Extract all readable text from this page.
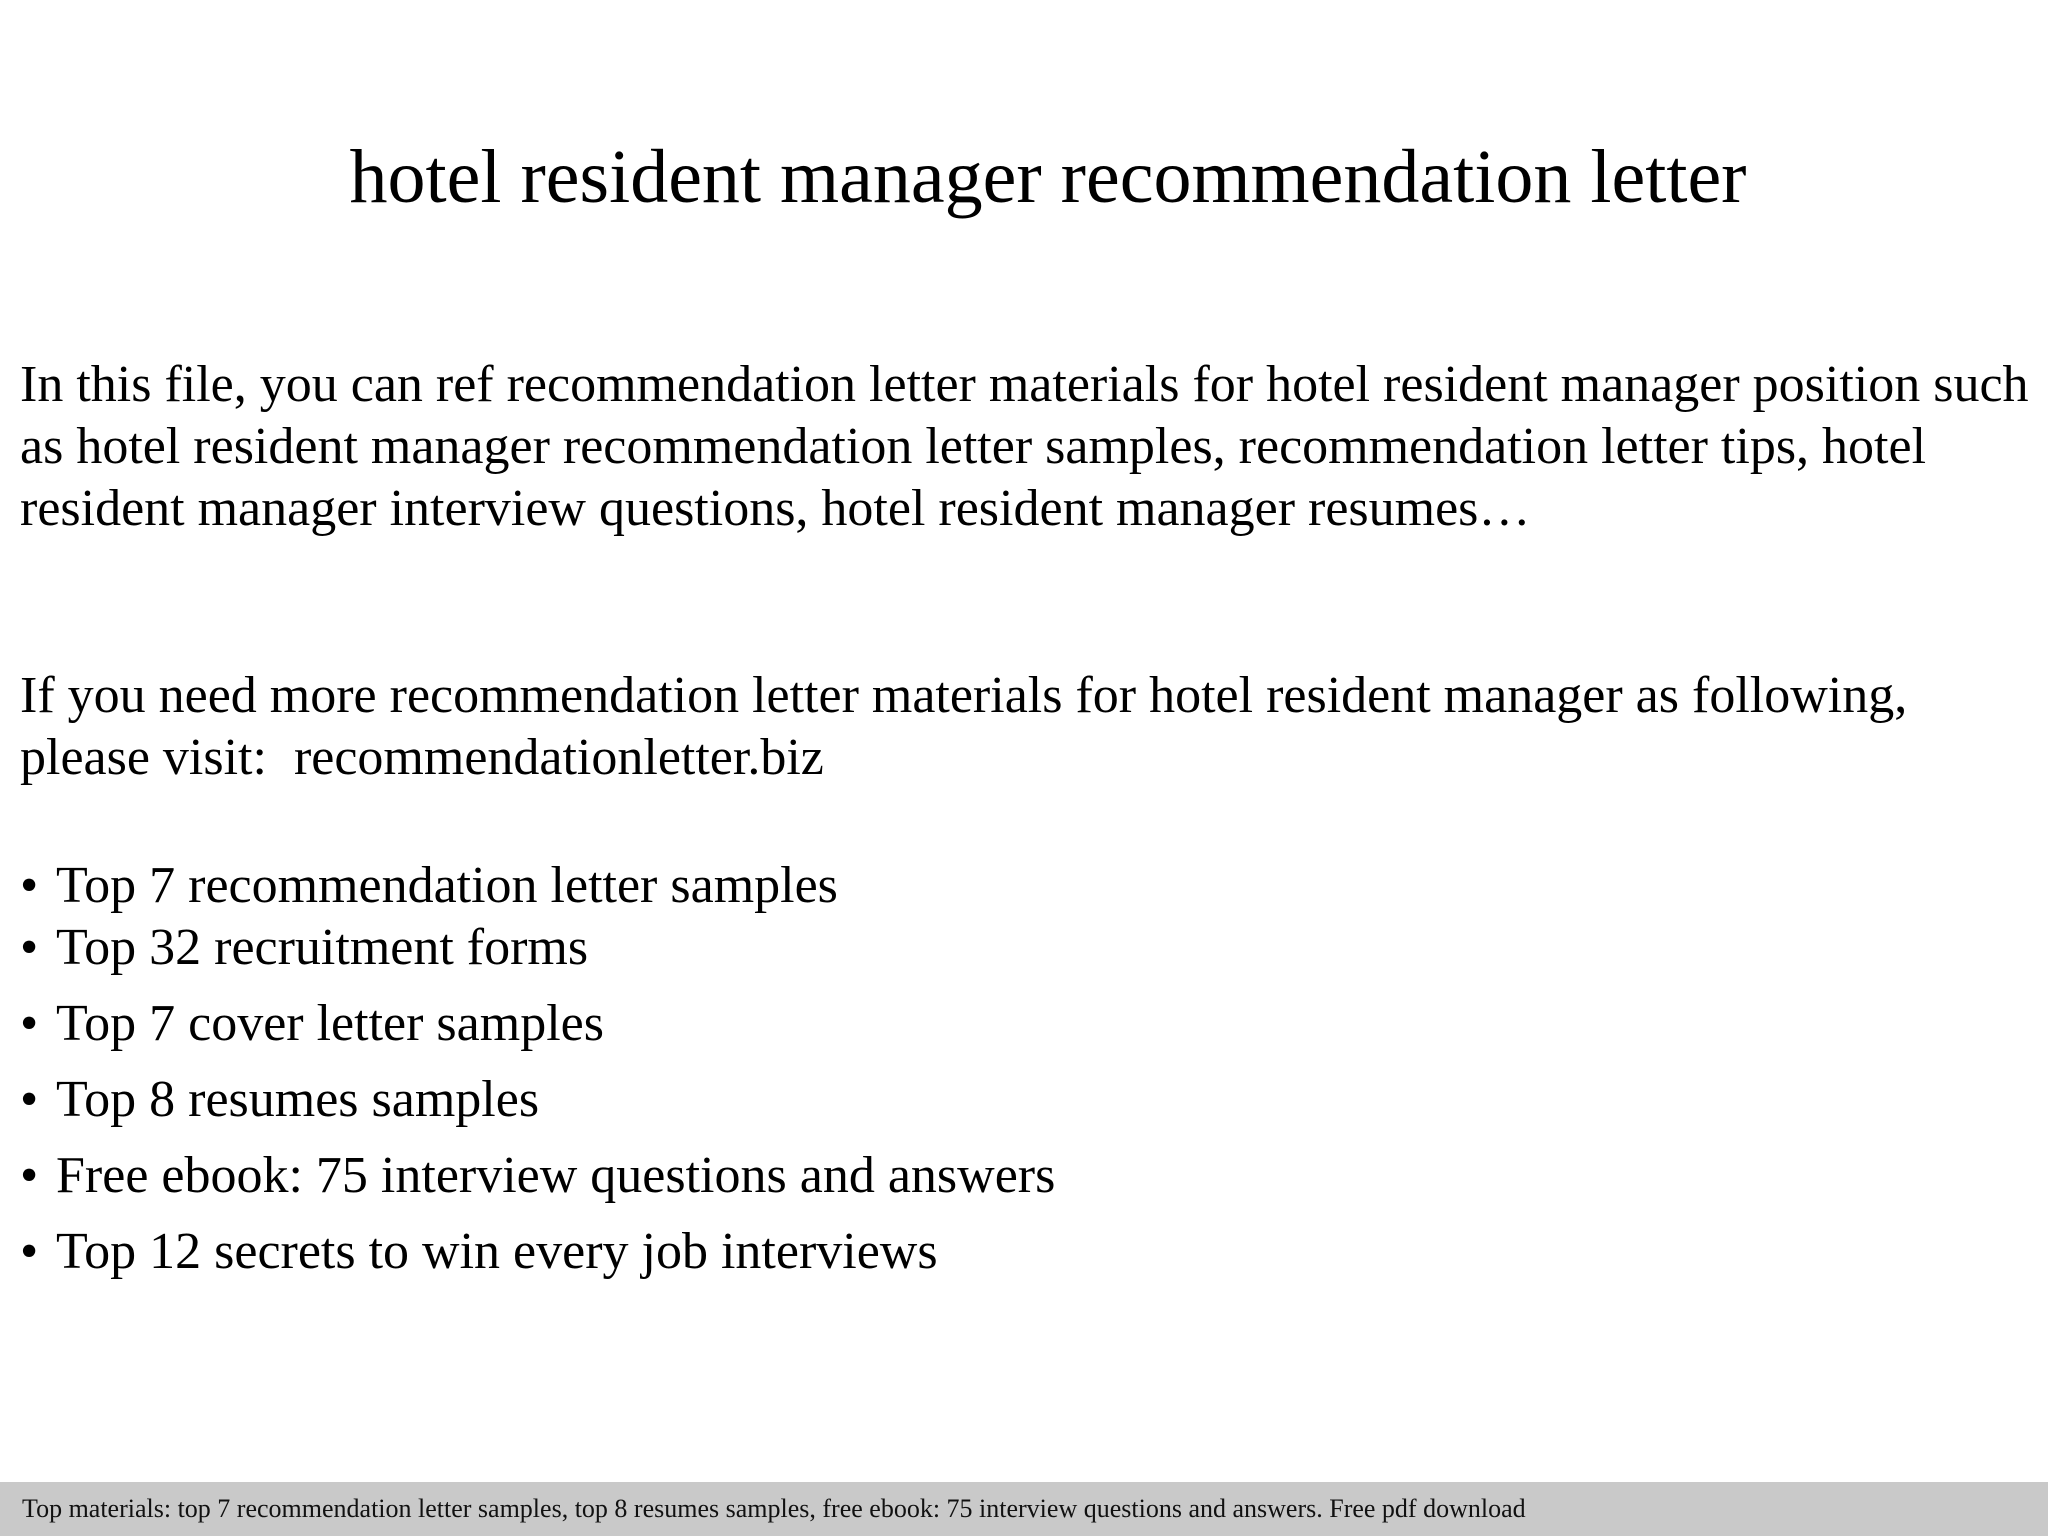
hotel resident manager recommendation letter

In this file, you can ref recommendation letter materials for hotel resident manager position such as hotel resident manager recommendation letter samples, recommendation letter tips, hotel resident manager interview questions, hotel resident manager resumes…

If you need more recommendation letter materials for hotel resident manager as following, please visit: recommendationletter.biz

• Top 7 recommendation letter samples
• Top 32 recruitment forms
• Top 7 cover letter samples
• Top 8 resumes samples
• Free ebook: 75 interview questions and answers
• Top 12 secrets to win every job interviews
Top materials: top 7 recommendation letter samples, top 8 resumes samples, free ebook: 75 interview questions and answers. Free pdf download
